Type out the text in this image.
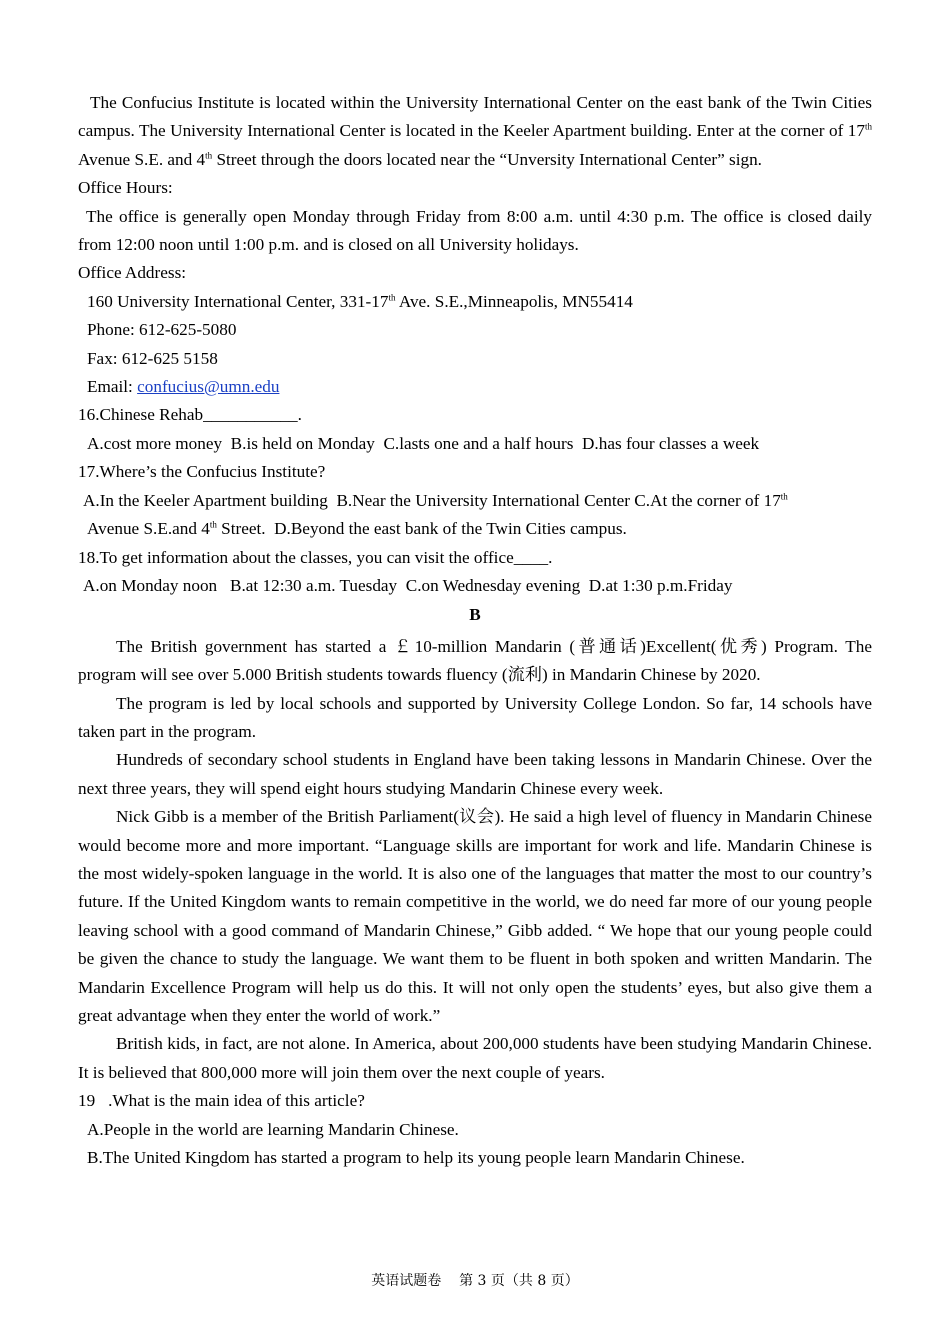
The Confucius Institute is located within the University International Center on the east bank of the Twin Cities campus. The University International Center is located in the Keeler Apartment building. Enter at the corner of 17th Avenue S.E. and 4th Street through the doors located near the “Unversity International Center” sign.

Office Hours:

The office is generally open Monday through Friday from 8:00 a.m. until 4:30 p.m. The office is closed daily from 12:00 noon until 1:00 p.m. and is closed on all University holidays.

Office Address:

160 University International Center, 331-17th Ave. S.E.,Minneapolis, MN55414

Phone: 612-625-5080

Fax: 612-625 5158

Email: confucius@umn.edu

16.Chinese Rehab___________.

A.cost more money  B.is held on Monday  C.lasts one and a half hours  D.has four classes a week

17.Where’s the Confucius Institute?

A.In the Keeler Apartment building  B.Near the University International Center C.At the corner of 17th

Avenue S.E.and 4th Street.  D.Beyond the east bank of the Twin Cities campus.

18.To get information about the classes, you can visit the office____.

A.on Monday noon   B.at 12:30 a.m. Tuesday  C.on Wednesday evening  D.at 1:30 p.m.Friday

B

The British government has started a ￡10-million Mandarin (普通话)Excellent(优秀) Program. The program will see over 5.000 British students towards fluency (流利) in Mandarin Chinese by 2020.

The program is led by local schools and supported by University College London. So far, 14 schools have taken part in the program.

Hundreds of secondary school students in England have been taking lessons in Mandarin Chinese. Over the next three years, they will spend eight hours studying Mandarin Chinese every week.

Nick Gibb is a member of the British Parliament(议会). He said a high level of fluency in Mandarin Chinese would become more and more important. “Language skills are important for work and life. Mandarin Chinese is the most widely-spoken language in the world. It is also one of the languages that matter the most to our country’s future. If the United Kingdom wants to remain competitive in the world, we do need far more of our young people leaving school with a good command of Mandarin Chinese,” Gibb added. “ We hope that our young people could be given the chance to study the language. We want them to be fluent in both spoken and written Mandarin. The Mandarin Excellence Program will help us do this. It will not only open the students’ eyes, but also give them a great advantage when they enter the world of work.”

British kids, in fact, are not alone. In America, about 200,000 students have been studying Mandarin Chinese. It is believed that 800,000 more will join them over the next couple of years.

19   .What is the main idea of this article?

A.People in the world are learning Mandarin Chinese.

B.The United Kingdom has started a program to help its young people learn Mandarin Chinese.

英语试题卷    第 3 页（共 8 页）
